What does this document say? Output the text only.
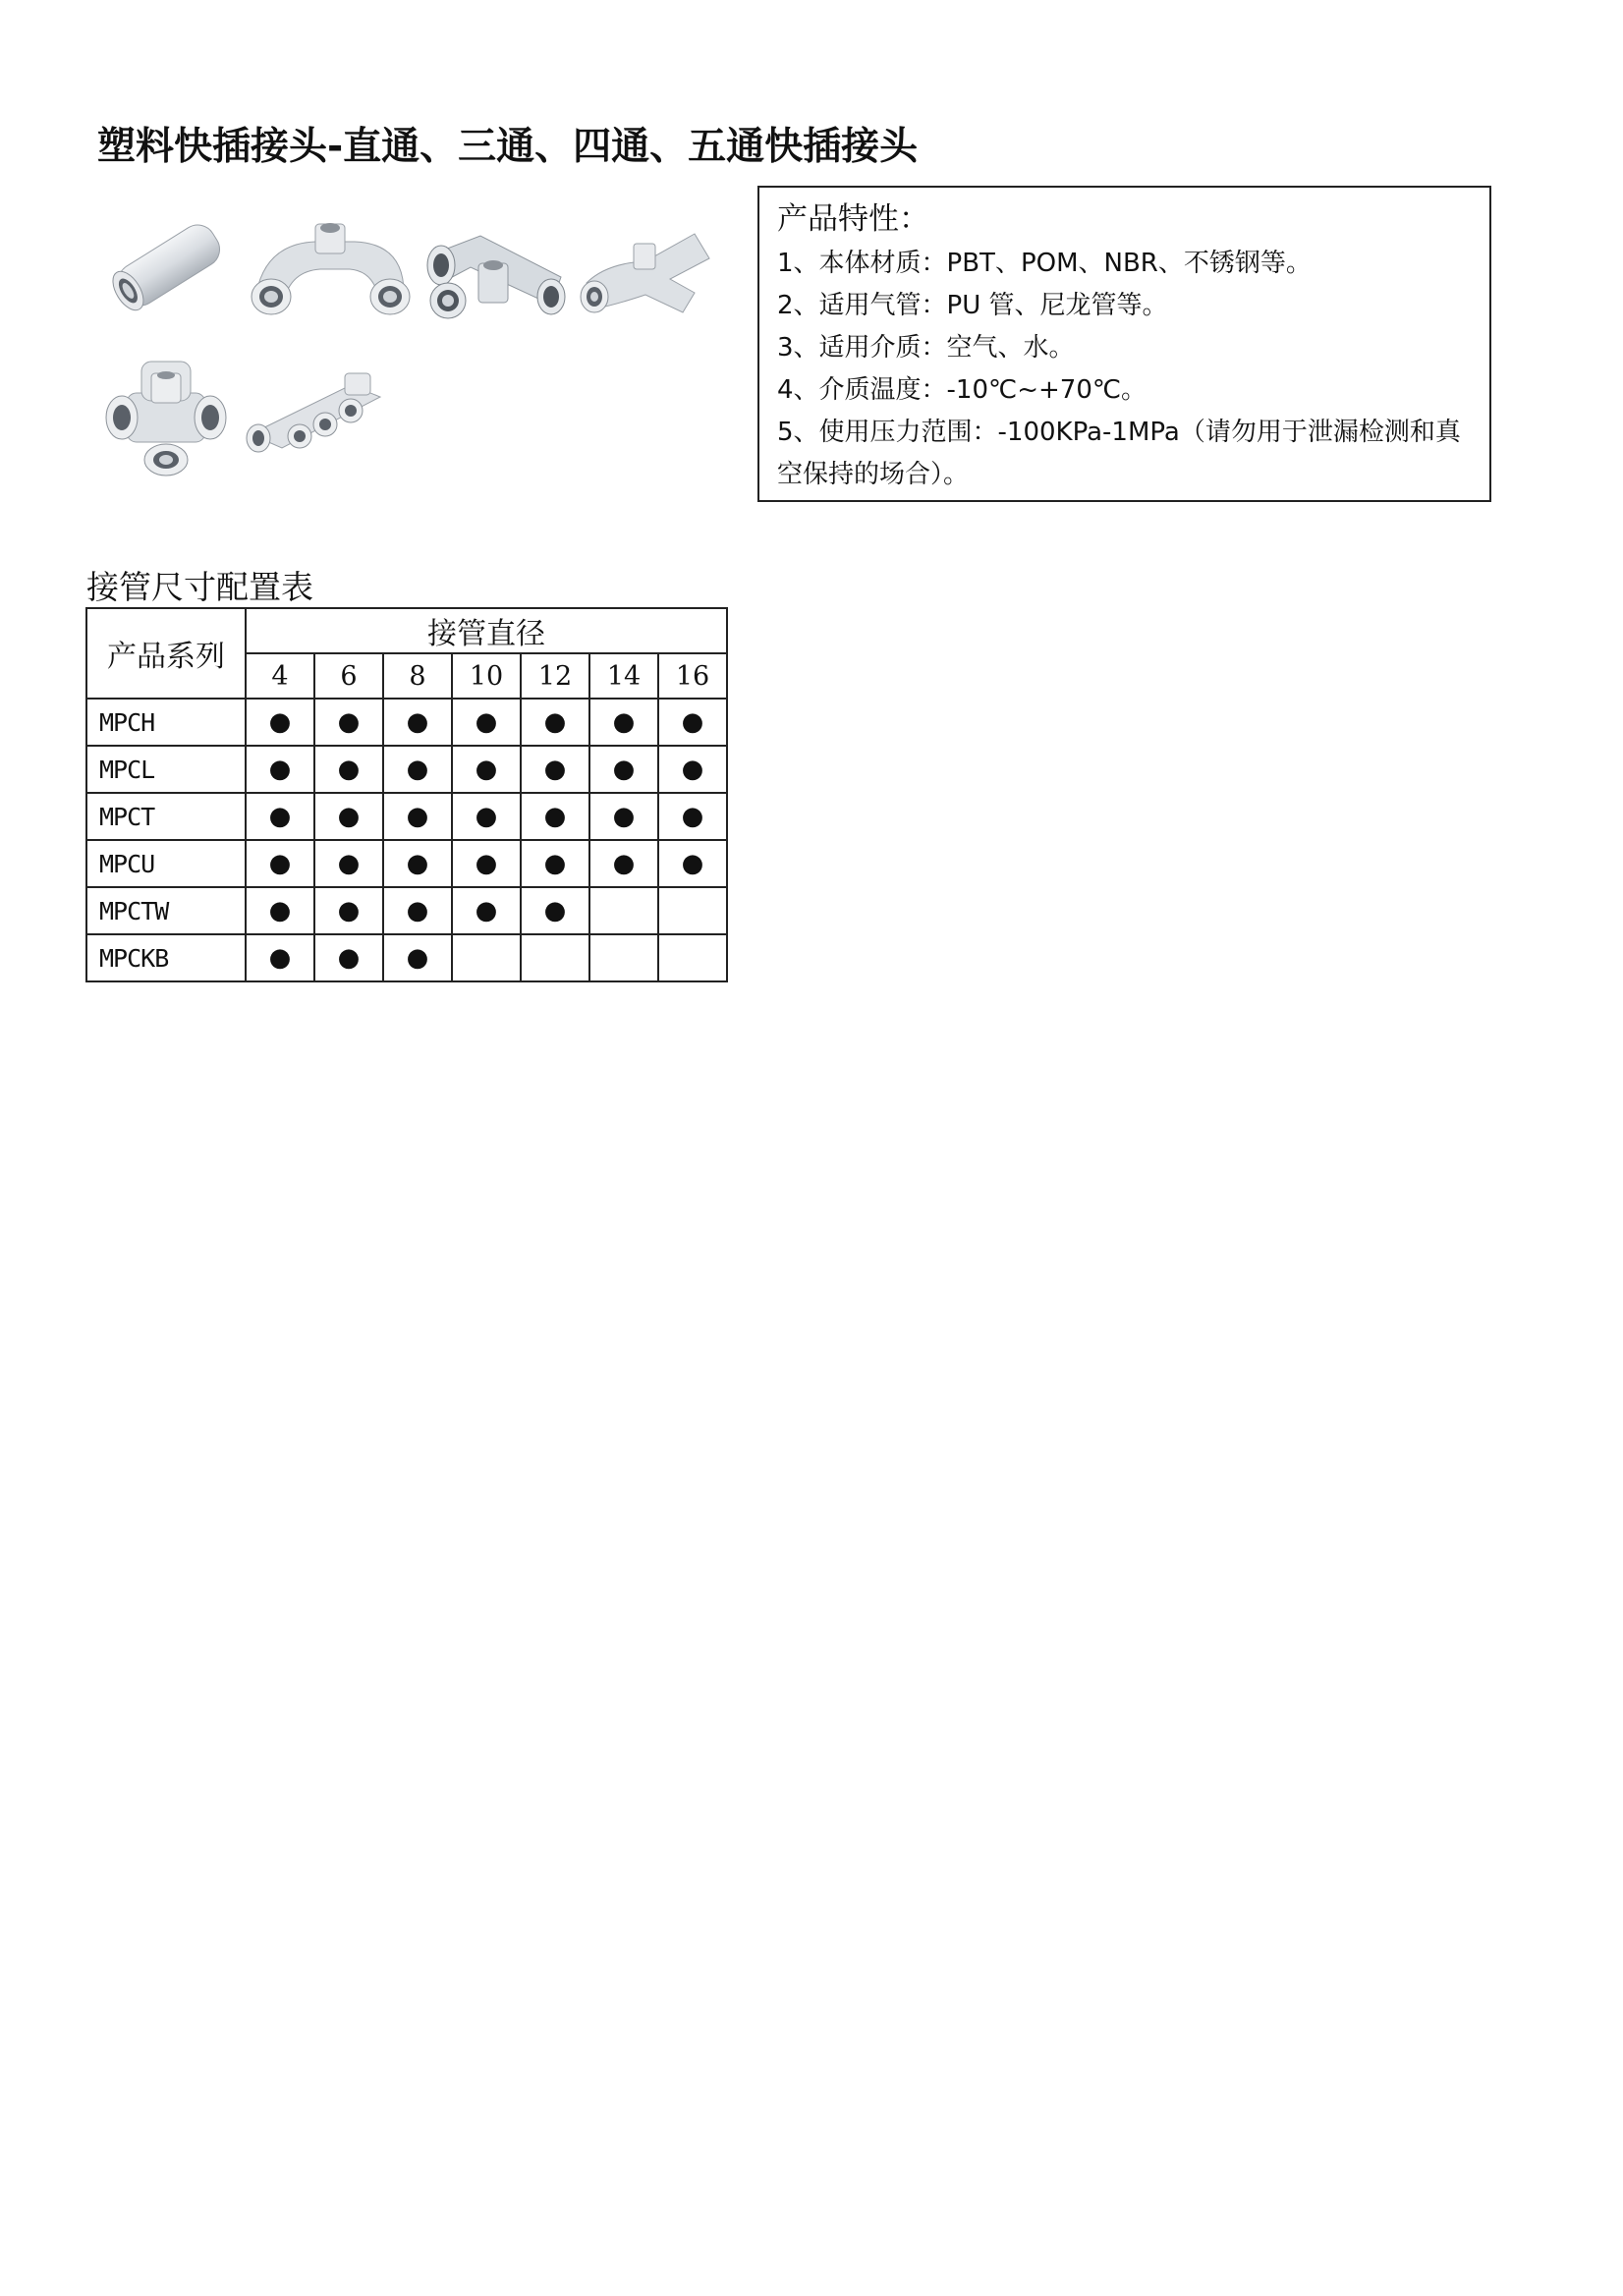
塑料快插接头-直通、三通、四通、五通快插接头
产品特性：
1、本体材质：PBT、POM、NBR、不锈钢等。
2、适用气管：PU 管、尼龙管等。
3、适用介质：空气、水。
4、介质温度：-10℃~+70℃。
5、使用压力范围：-100KPa-1MPa（请勿用于泄漏检测和真空保持的场合）。
接管尺寸配置表
产品系列	接管直径						
	4	6	8	10	12	14	16
MPCH	●	●	●	●	●	●	●
MPCL	●	●	●	●	●	●	●
MPCT	●	●	●	●	●	●	●
MPCU	●	●	●	●	●	●	●
MPCTW	●	●	●	●	●		
MPCKB	●	●	●				
